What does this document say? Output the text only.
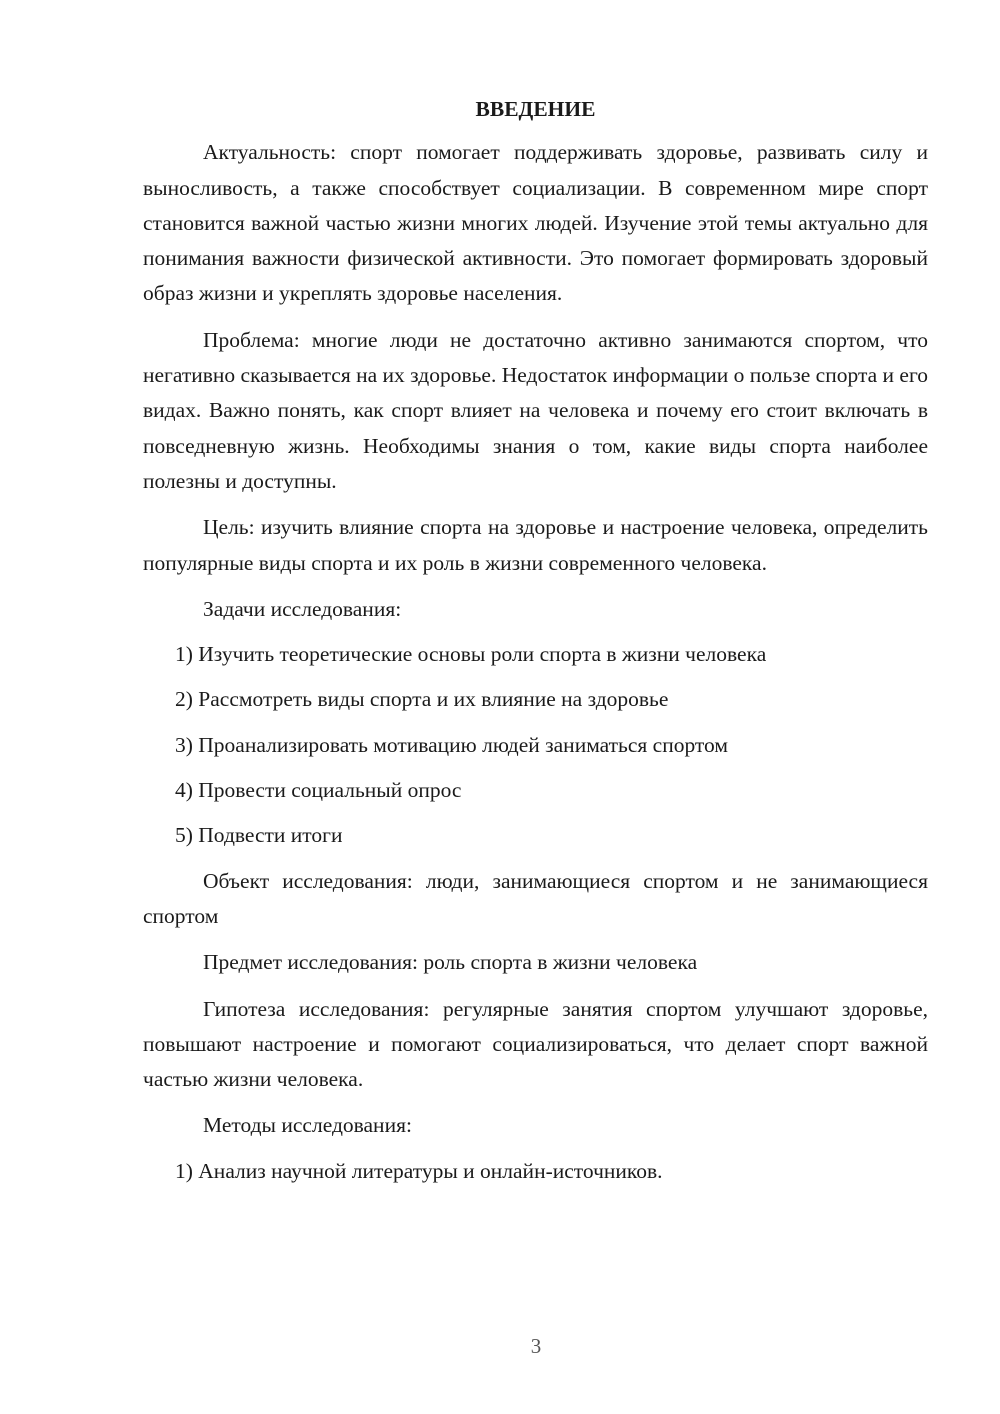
ВВЕДЕНИЕ
Актуальность: спорт помогает поддерживать здоровье, развивать силу и выносливость, а также способствует социализации. В современном мире спорт становится важной частью жизни многих людей. Изучение этой темы актуально для понимания важности физической активности. Это помогает формировать здоровый образ жизни и укреплять здоровье населения.
Проблема: многие люди не достаточно активно занимаются спортом, что негативно сказывается на их здоровье. Недостаток информации о пользе спорта и его видах. Важно понять, как спорт влияет на человека и почему его стоит включать в повседневную жизнь. Необходимы знания о том, какие виды спорта наиболее полезны и доступны.
Цель: изучить влияние спорта на здоровье и настроение человека, определить популярные виды спорта и их роль в жизни современного человека.
Задачи исследования:
1) Изучить теоретические основы роли спорта в жизни человека
2) Рассмотреть виды спорта и их влияние на здоровье
3) Проанализировать мотивацию людей заниматься спортом
4) Провести социальный опрос
5) Подвести итоги
Объект исследования: люди, занимающиеся спортом и не занимающиеся спортом
Предмет исследования: роль спорта в жизни человека
Гипотеза исследования: регулярные занятия спортом улучшают здоровье, повышают настроение и помогают социализироваться, что делает спорт важной частью жизни человека.
Методы исследования:
1) Анализ научной литературы и онлайн-источников.
3
